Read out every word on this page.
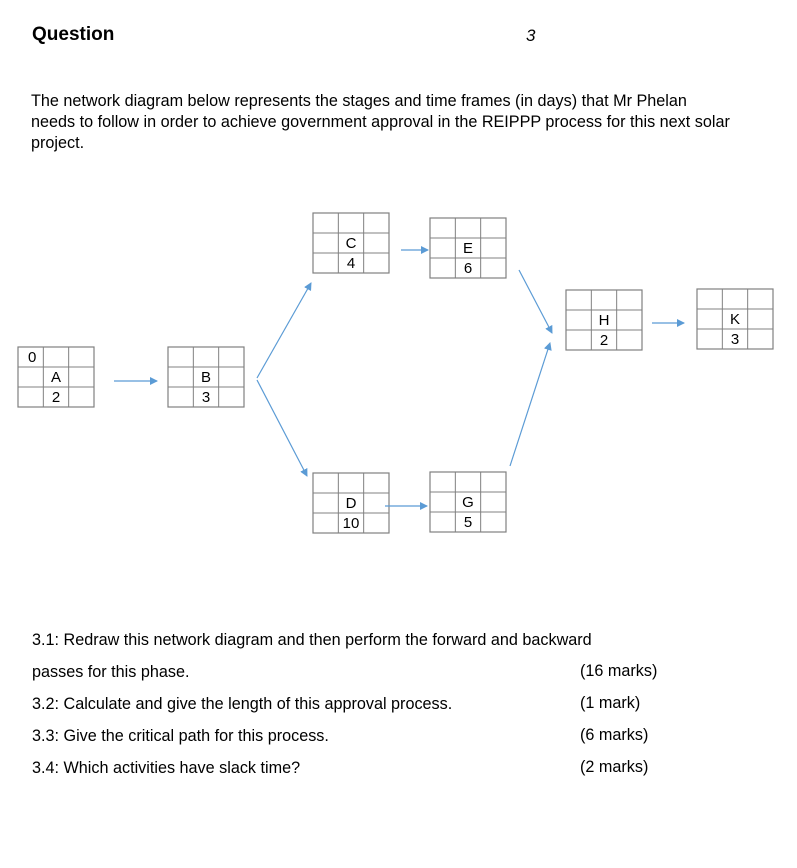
Question	3
The network diagram below represents the stages and time frames (in days) that Mr Phelan needs to follow in order to achieve government approval in the REIPPP process for this next solar project.
A
2
B
3
C
4
D
10
E
6
G
5
H
2
K
3
0
3.1: Redraw this network diagram and then perform the forward and backward
passes for this phase.	(16 marks)
3.2: Calculate and give the length of this approval process.	(1 mark)
3.3: Give the critical path for this process.	(6 marks)
3.4: Which activities have slack time?	(2 marks)
